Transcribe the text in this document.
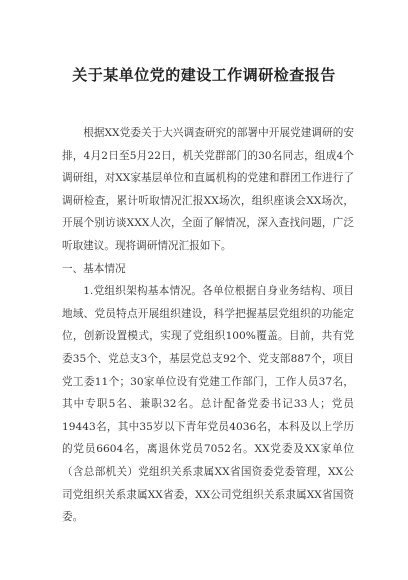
关于某单位党的建设工作调研检查报告

根据XX党委关于大兴调查研究的部署中开展党建调研的安排，4月2日至5月22日，机关党群部门的30名同志，组成4个调研组，对XX家基层单位和直属机构的党建和群团工作进行了调研检查，累计听取情况汇报XX场次，组织座谈会XX场次，开展个别访谈XXX人次，全面了解情况，深入查找问题，广泛听取建议。现将调研情况汇报如下。

一、基本情况

1.党组织架构基本情况。各单位根据自身业务结构、项目地域、党员特点开展组织建设，科学把握基层党组织的功能定位，创新设置模式，实现了党组织100%覆盖。目前，共有党委35个、党总支3个，基层党总支92个、党支部887个，项目党工委11个；30家单位设有党建工作部门，工作人员37名，其中专职5名、兼职32名。总计配备党委书记33人；党员19443名，其中35岁以下青年党员4036名，本科及以上学历的党员6604名，离退休党员7052名。XX党委及XX家单位（含总部机关）党组织关系隶属XX省国资委党委管理，XX公司党组织关系隶属XX省委，XX公司党组织关系隶属XX省国资委。
